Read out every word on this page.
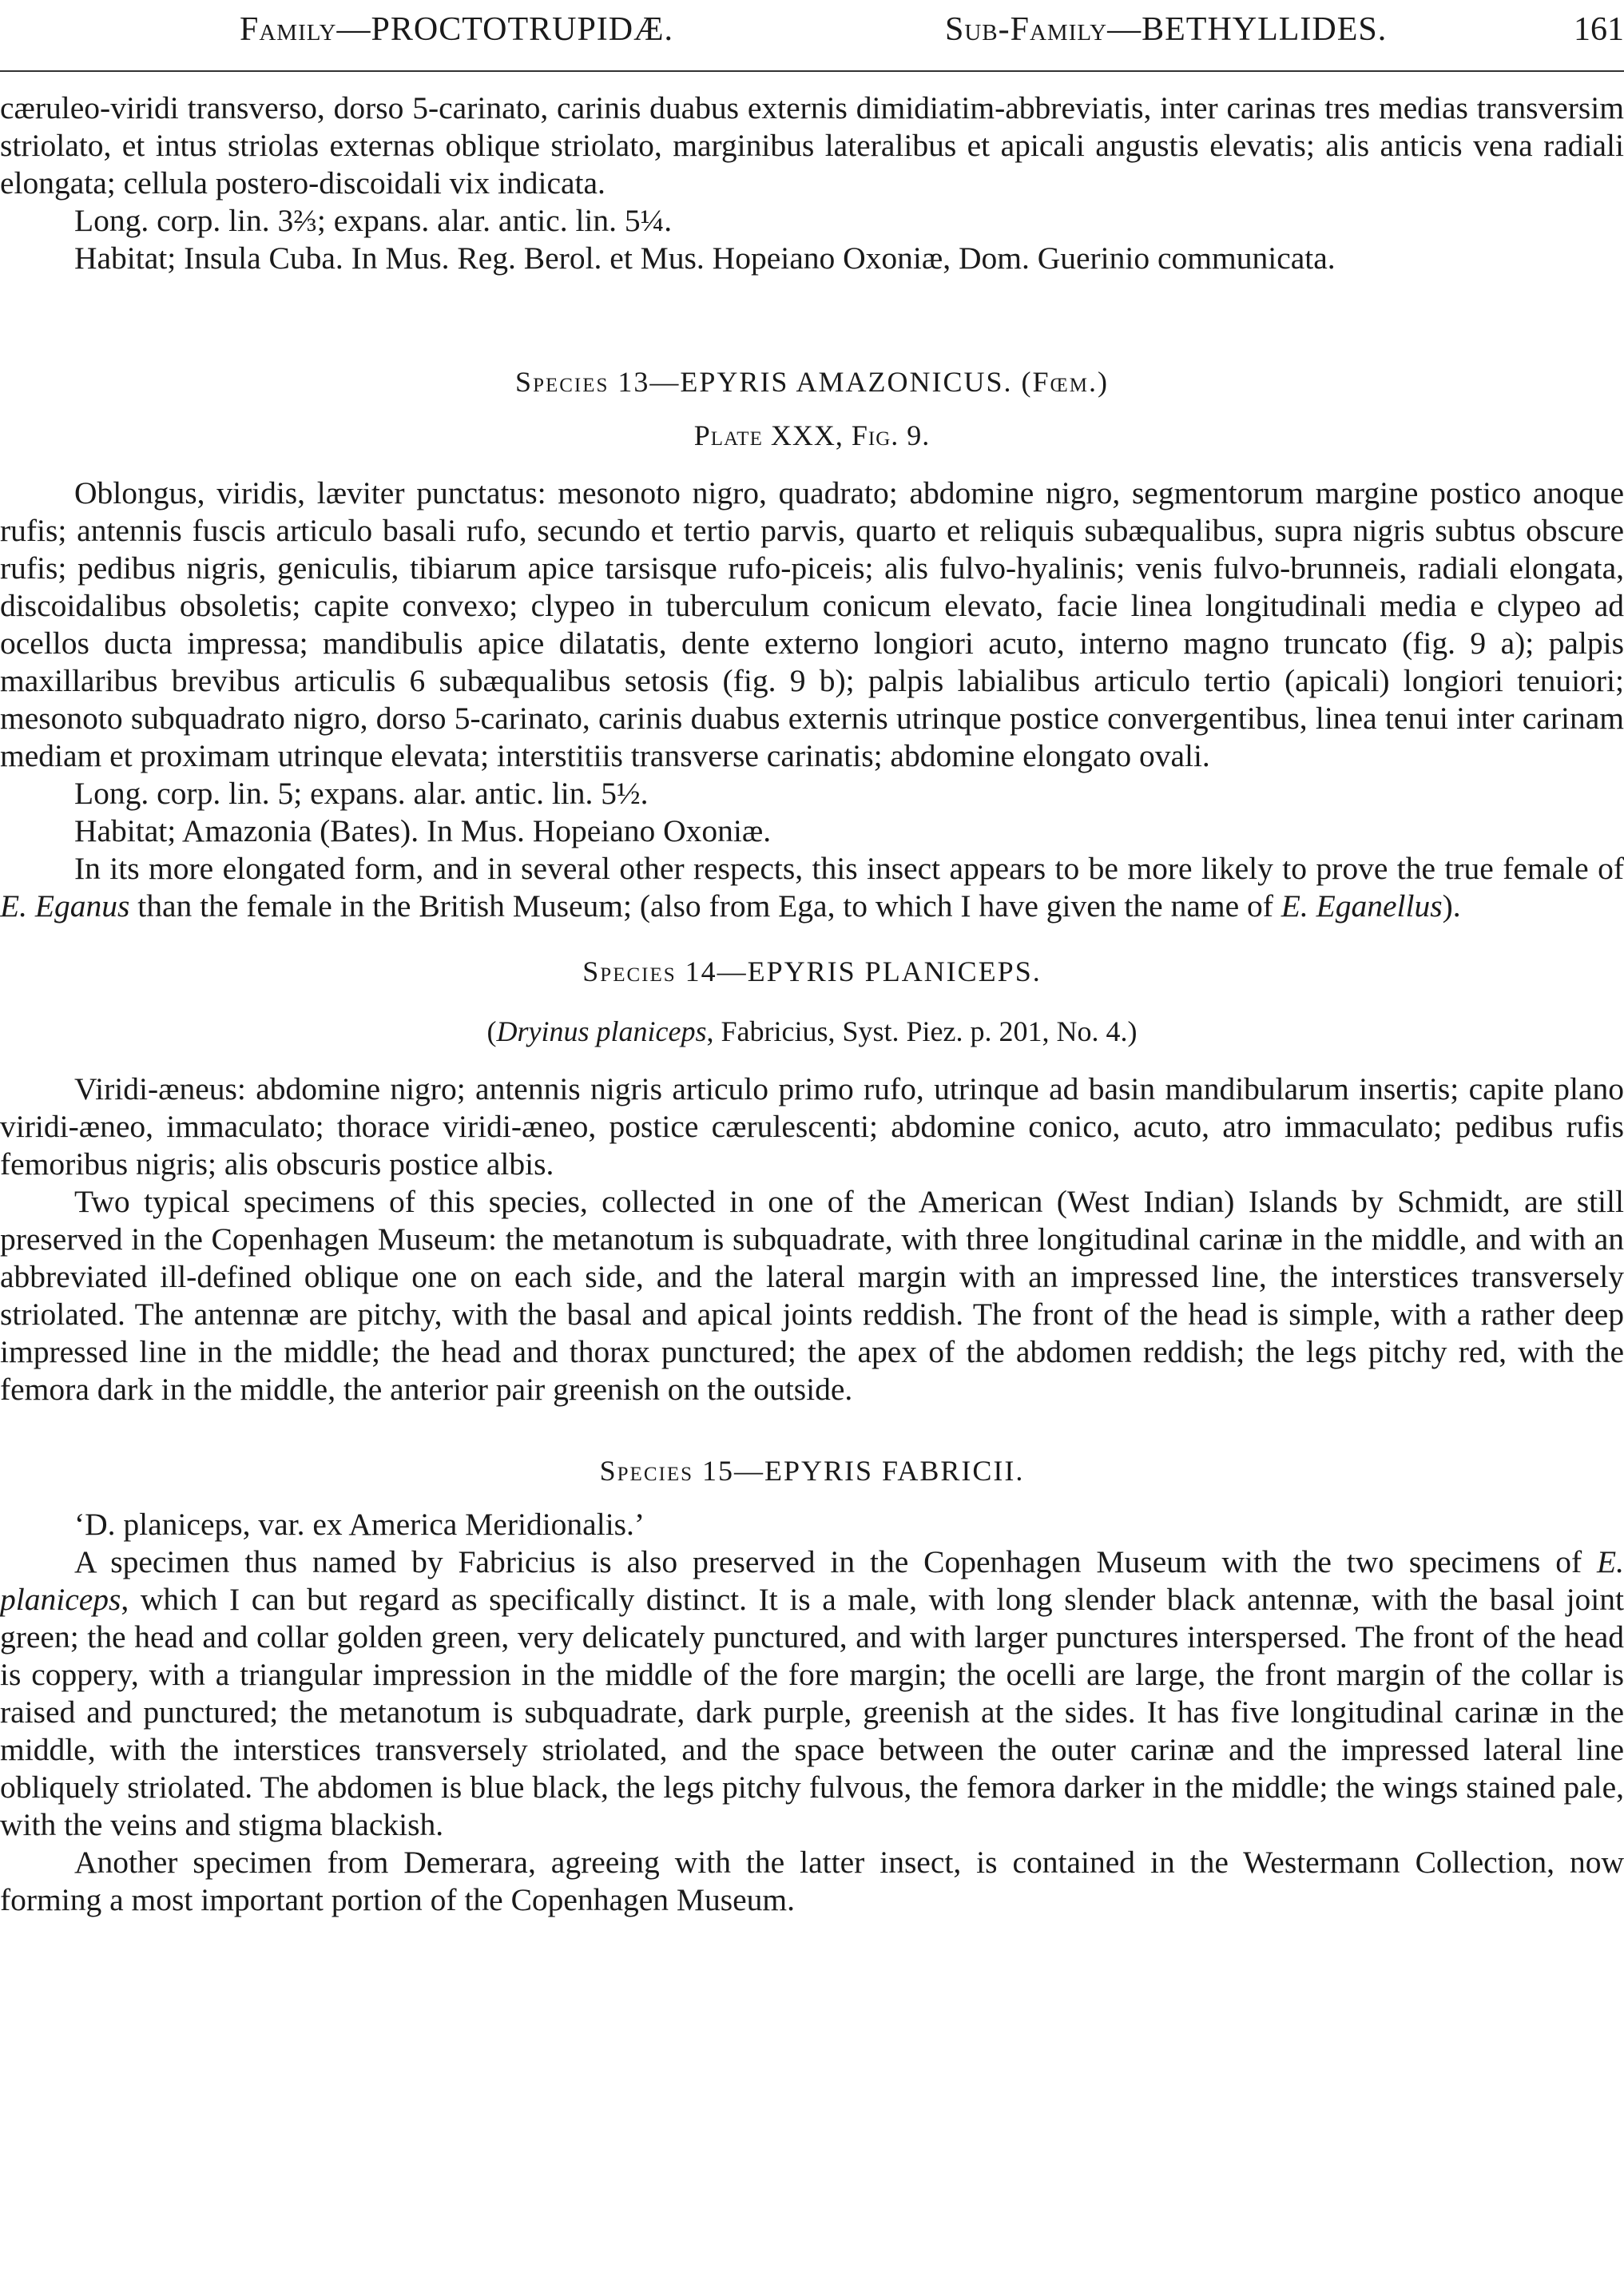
Family—PROCTOTRUPIDÆ.	Sub-Family—BETHYLLIDES.	161

cæruleo-viridi transverso, dorso 5-carinato, carinis duabus externis dimidiatim-abbreviatis, inter carinas tres medias transversim striolato, et intus striolas externas oblique striolato, marginibus lateralibus et apicali angustis elevatis; alis anticis vena radiali elongata; cellula postero-discoidali vix indicata.

Long. corp. lin. 3⅔; expans. alar. antic. lin. 5¼.

Habitat; Insula Cuba. In Mus. Reg. Berol. et Mus. Hopeiano Oxoniæ, Dom. Guerinio communicata.

Species 13—EPYRIS AMAZONICUS. (Fœm.)

Plate XXX, Fig. 9.

Oblongus, viridis, læviter punctatus: mesonoto nigro, quadrato; abdomine nigro, segmentorum margine postico anoque rufis; antennis fuscis articulo basali rufo, secundo et tertio parvis, quarto et reliquis subæqualibus, supra nigris subtus obscure rufis; pedibus nigris, geniculis, tibiarum apice tarsisque rufo-piceis; alis fulvo-hyalinis; venis fulvo-brunneis, radiali elongata, discoidalibus obsoletis; capite convexo; clypeo in tuberculum conicum elevato, facie linea longitudinali media e clypeo ad ocellos ducta impressa; mandibulis apice dilatatis, dente externo longiori acuto, interno magno truncato (fig. 9 a); palpis maxillaribus brevibus articulis 6 subæqualibus setosis (fig. 9 b); palpis labialibus articulo tertio (apicali) longiori tenuiori; mesonoto subquadrato nigro, dorso 5-carinato, carinis duabus externis utrinque postice convergentibus, linea tenui inter carinam mediam et proximam utrinque elevata; interstitiis transverse carinatis; abdomine elongato ovali.

Long. corp. lin. 5; expans. alar. antic. lin. 5½.

Habitat; Amazonia (Bates). In Mus. Hopeiano Oxoniæ.

In its more elongated form, and in several other respects, this insect appears to be more likely to prove the true female of E. Eganus than the female in the British Museum; (also from Ega, to which I have given the name of E. Eganellus).

Species 14—EPYRIS PLANICEPS.

(Dryinus planiceps, Fabricius, Syst. Piez. p. 201, No. 4.)

Viridi-æneus: abdomine nigro; antennis nigris articulo primo rufo, utrinque ad basin mandibularum insertis; capite plano viridi-æneo, immaculato; thorace viridi-æneo, postice cærulescenti; abdomine conico, acuto, atro immaculato; pedibus rufis femoribus nigris; alis obscuris postice albis.

Two typical specimens of this species, collected in one of the American (West Indian) Islands by Schmidt, are still preserved in the Copenhagen Museum: the metanotum is subquadrate, with three longitudinal carinæ in the middle, and with an abbreviated ill-defined oblique one on each side, and the lateral margin with an impressed line, the interstices transversely striolated. The antennæ are pitchy, with the basal and apical joints reddish. The front of the head is simple, with a rather deep impressed line in the middle; the head and thorax punctured; the apex of the abdomen reddish; the legs pitchy red, with the femora dark in the middle, the anterior pair greenish on the outside.

Species 15—EPYRIS FABRICII.

‘D. planiceps, var. ex America Meridionalis.’

A specimen thus named by Fabricius is also preserved in the Copenhagen Museum with the two specimens of E. planiceps, which I can but regard as specifically distinct. It is a male, with long slender black antennæ, with the basal joint green; the head and collar golden green, very delicately punctured, and with larger punctures interspersed. The front of the head is coppery, with a triangular impression in the middle of the fore margin; the ocelli are large, the front margin of the collar is raised and punctured; the metanotum is subquadrate, dark purple, greenish at the sides. It has five longitudinal carinæ in the middle, with the interstices transversely striolated, and the space between the outer carinæ and the impressed lateral line obliquely striolated. The abdomen is blue black, the legs pitchy fulvous, the femora darker in the middle; the wings stained pale, with the veins and stigma blackish.

Another specimen from Demerara, agreeing with the latter insect, is contained in the Westermann Collection, now forming a most important portion of the Copenhagen Museum.
